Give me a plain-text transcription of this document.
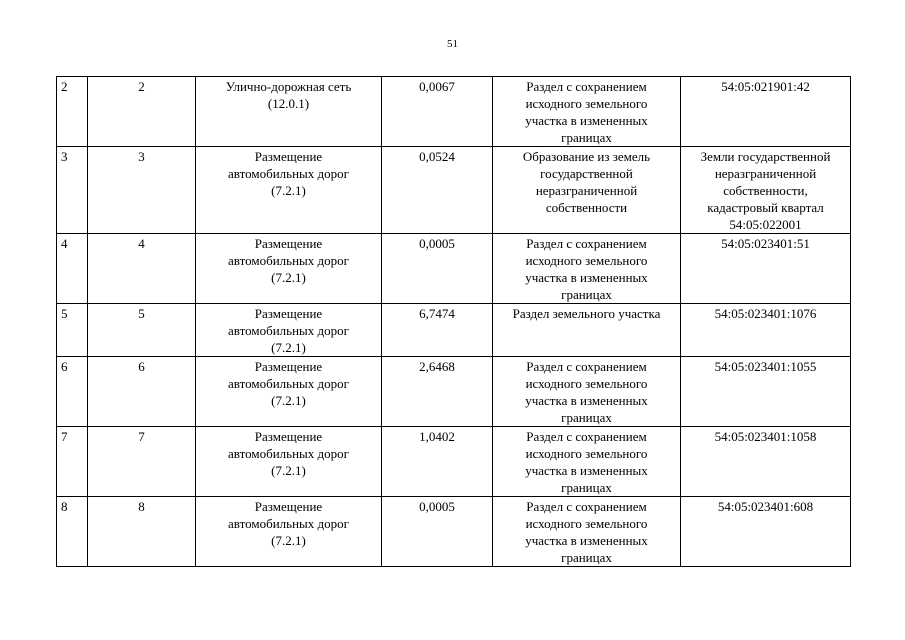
51
2	2	Улично-дорожная сеть
(12.0.1)	0,0067	Раздел с сохранением
исходного земельного
участка в измененных
границах	54:05:021901:42
3	3	Размещение
автомобильных дорог
(7.2.1)	0,0524	Образование из земель
государственной
неразграниченной
собственности	Земли государственной
неразграниченной
собственности,
кадастровый квартал
54:05:022001
4	4	Размещение
автомобильных дорог
(7.2.1)	0,0005	Раздел с сохранением
исходного земельного
участка в измененных
границах	54:05:023401:51
5	5	Размещение
автомобильных дорог
(7.2.1)	6,7474	Раздел земельного участка	54:05:023401:1076
6	6	Размещение
автомобильных дорог
(7.2.1)	2,6468	Раздел с сохранением
исходного земельного
участка в измененных
границах	54:05:023401:1055
7	7	Размещение
автомобильных дорог
(7.2.1)	1,0402	Раздел с сохранением
исходного земельного
участка в измененных
границах	54:05:023401:1058
8	8	Размещение
автомобильных дорог
(7.2.1)	0,0005	Раздел с сохранением
исходного земельного
участка в измененных
границах	54:05:023401:608
